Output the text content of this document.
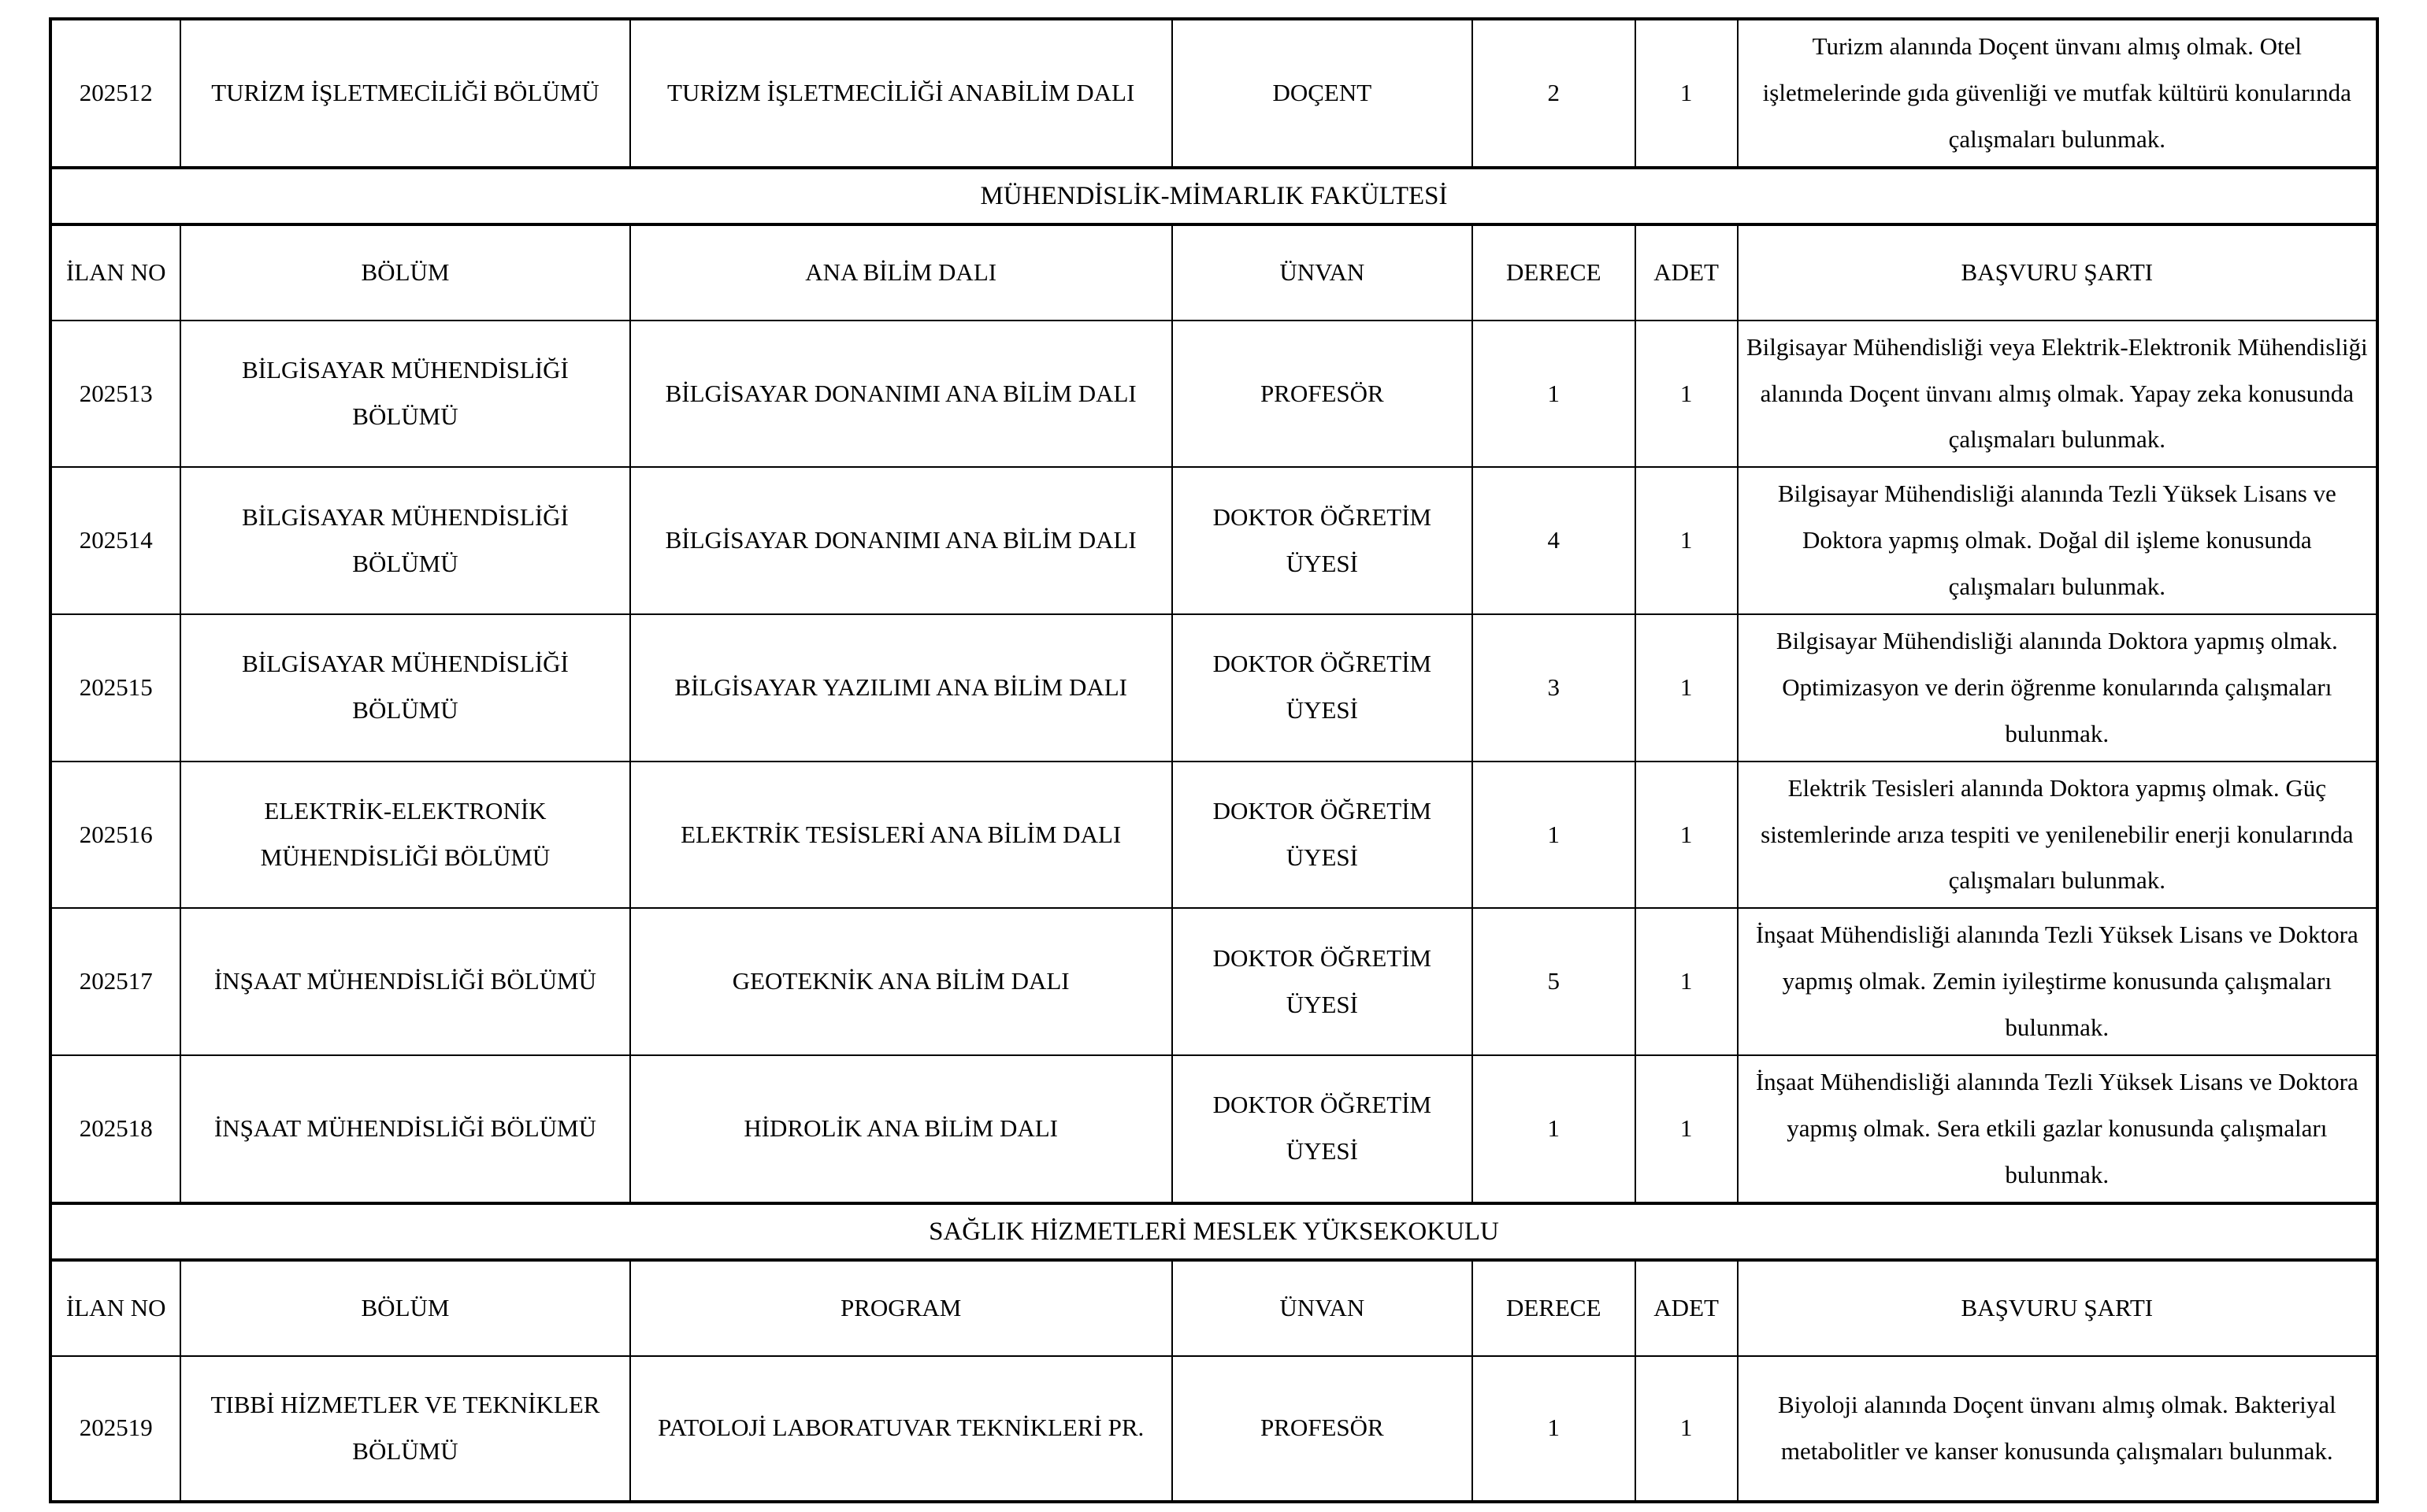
202512	TURİZM İŞLETMECİLİĞİ BÖLÜMÜ	TURİZM İŞLETMECİLİĞİ ANABİLİM DALI	DOÇENT	2	1	Turizm alanında Doçent ünvanı almış olmak. Otel işletmelerinde gıda güvenliği ve mutfak kültürü konularında çalışmaları bulunmak.
MÜHENDİSLİK-MİMARLIK FAKÜLTESİ						
İLAN NO	BÖLÜM	ANA BİLİM DALI	ÜNVAN	DERECE	ADET	BAŞVURU ŞARTI
202513	BİLGİSAYAR MÜHENDİSLİĞİ BÖLÜMÜ	BİLGİSAYAR DONANIMI ANA BİLİM DALI	PROFESÖR	1	1	Bilgisayar Mühendisliği veya Elektrik-Elektronik Mühendisliği alanında Doçent ünvanı almış olmak. Yapay zeka konusunda çalışmaları bulunmak.
202514	BİLGİSAYAR MÜHENDİSLİĞİ BÖLÜMÜ	BİLGİSAYAR DONANIMI ANA BİLİM DALI	DOKTOR ÖĞRETİM ÜYESİ	4	1	Bilgisayar Mühendisliği alanında Tezli Yüksek Lisans ve Doktora yapmış olmak. Doğal dil işleme konusunda çalışmaları bulunmak.
202515	BİLGİSAYAR MÜHENDİSLİĞİ BÖLÜMÜ	BİLGİSAYAR YAZILIMI ANA BİLİM DALI	DOKTOR ÖĞRETİM ÜYESİ	3	1	Bilgisayar Mühendisliği alanında Doktora yapmış olmak. Optimizasyon ve derin öğrenme konularında çalışmaları bulunmak.
202516	ELEKTRİK-ELEKTRONİK MÜHENDİSLİĞİ BÖLÜMÜ	ELEKTRİK TESİSLERİ ANA BİLİM DALI	DOKTOR ÖĞRETİM ÜYESİ	1	1	Elektrik Tesisleri alanında Doktora yapmış olmak. Güç sistemlerinde arıza tespiti ve yenilenebilir enerji konularında çalışmaları bulunmak.
202517	İNŞAAT MÜHENDİSLİĞİ BÖLÜMÜ	GEOTEKNİK ANA BİLİM DALI	DOKTOR ÖĞRETİM ÜYESİ	5	1	İnşaat Mühendisliği alanında Tezli Yüksek Lisans ve Doktora yapmış olmak. Zemin iyileştirme konusunda çalışmaları bulunmak.
202518	İNŞAAT MÜHENDİSLİĞİ BÖLÜMÜ	HİDROLİK ANA BİLİM DALI	DOKTOR ÖĞRETİM ÜYESİ	1	1	İnşaat Mühendisliği alanında Tezli Yüksek Lisans ve Doktora yapmış olmak. Sera etkili gazlar konusunda çalışmaları bulunmak.
SAĞLIK HİZMETLERİ MESLEK YÜKSEKOKULU						
İLAN NO	BÖLÜM	PROGRAM	ÜNVAN	DERECE	ADET	BAŞVURU ŞARTI
202519	TIBBİ HİZMETLER VE TEKNİKLER BÖLÜMÜ	PATOLOJİ LABORATUVAR TEKNİKLERİ PR.	PROFESÖR	1	1	Biyoloji alanında Doçent ünvanı almış olmak. Bakteriyal metabolitler ve kanser konusunda çalışmaları bulunmak.
